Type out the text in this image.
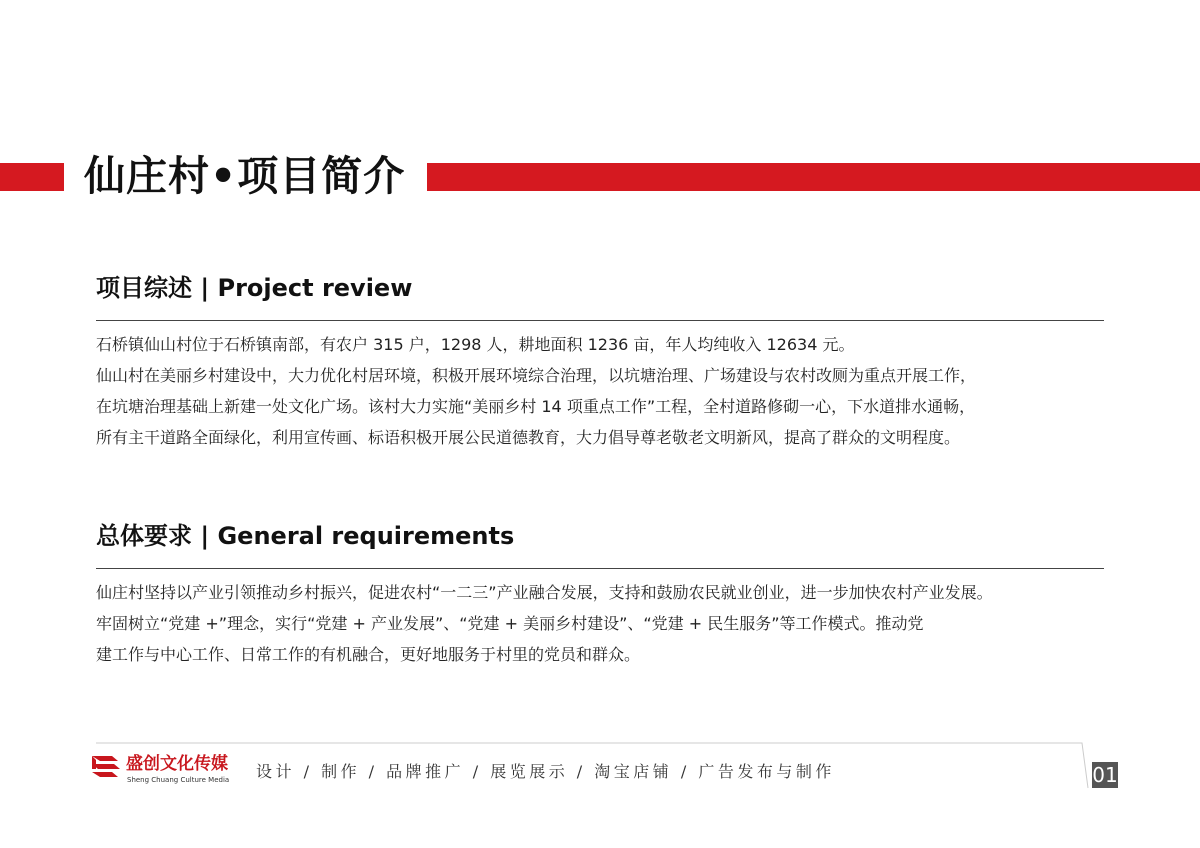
仙庄村•项目简介
项目综述 | Project review

石桥镇仙山村位于石桥镇南部，有农户 315 户，1298 人，耕地面积 1236 亩，年人均纯收入 12634 元。

仙山村在美丽乡村建设中，大力优化村居环境，积极开展环境综合治理，以坑塘治理、广场建设与农村改厕为重点开展工作，

在坑塘治理基础上新建一处文化广场。该村大力实施“美丽乡村 14 项重点工作”工程，全村道路修砌一心，下水道排水通畅，

所有主干道路全面绿化，利用宣传画、标语积极开展公民道德教育，大力倡导尊老敬老文明新风，提高了群众的文明程度。

总体要求 | General requirements

仙庄村坚持以产业引领推动乡村振兴，促进农村“一二三”产业融合发展，支持和鼓励农民就业创业，进一步加快农村产业发展。

牢固树立“党建 +”理念，实行“党建 + 产业发展”、“党建 + 美丽乡村建设”、“党建 + 民生服务”等工作模式。推动党

建工作与中心工作、日常工作的有机融合，更好地服务于村里的党员和群众。

盛创文化传媒
Sheng Chuang Culture Media 设计 / 制作 / 品牌推广 / 展览展示 / 淘宝店铺 / 广告发布与制作	01
